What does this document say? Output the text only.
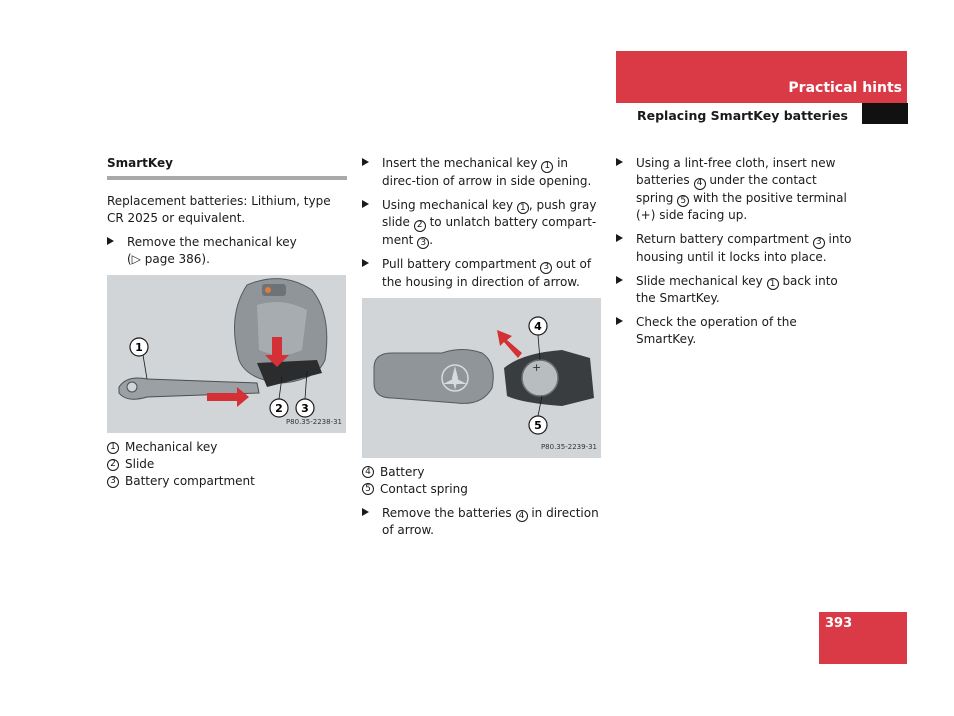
Practical hints
Replacing SmartKey batteries
SmartKey
Replacement batteries: Lithium, type CR 2025 or equivalent.
Remove the mechanical key
(▷ page 386).
1
2 3
P80.35-2238-31
1 Mechanical key
2 Slide
3 Battery compartment
Insert the mechanical key 1 in direc-tion of arrow in side opening.
Using mechanical key 1 , push gray slide 2 to unlatch battery compart-ment 3 .
Pull battery compartment 3 out of the housing in direction of arrow.
+
4
5
P80.35-2239-31
4 Battery
5 Contact spring
Remove the batteries 4 in direction of arrow.
Using a lint-free cloth, insert new batteries 4 under the contact spring 5 with the positive terminal (+) side facing up.
Return battery compartment 3 into housing until it locks into place.
Slide mechanical key 1 back into the SmartKey.
Check the operation of the SmartKey.
393
